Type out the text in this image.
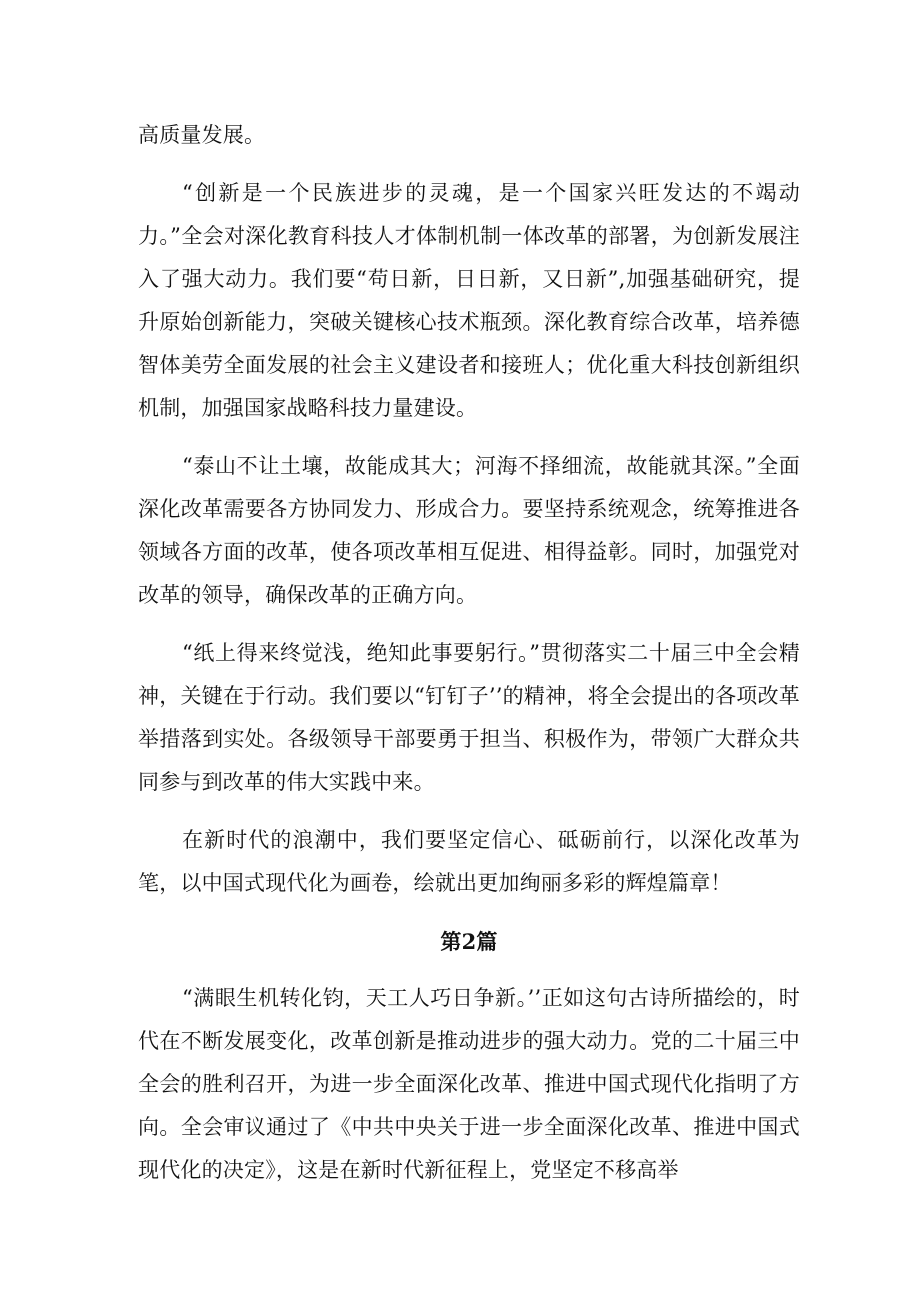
高质量发展。

“创新是一个民族进步的灵魂，是一个国家兴旺发达的不竭动力。”全会对深化教育科技人才体制机制一体改革的部署，为创新发展注入了强大动力。我们要“苟日新，日日新，又日新”,加强基础研究，提升原始创新能力，突破关键核心技术瓶颈。深化教育综合改革，培养德智体美劳全面发展的社会主义建设者和接班人；优化重大科技创新组织机制，加强国家战略科技力量建设。

“泰山不让土壤，故能成其大；河海不择细流，故能就其深。”全面深化改革需要各方协同发力、形成合力。要坚持系统观念，统筹推进各领域各方面的改革，使各项改革相互促进、相得益彰。同时，加强党对改革的领导，确保改革的正确方向。

“纸上得来终觉浅，绝知此事要躬行。”贯彻落实二十届三中全会精神，关键在于行动。我们要以“钉钉子’’的精神，将全会提出的各项改革举措落到实处。各级领导干部要勇于担当、积极作为，带领广大群众共同参与到改革的伟大实践中来。

在新时代的浪潮中，我们要坚定信心、砥砺前行，以深化改革为笔，以中国式现代化为画卷，绘就出更加绚丽多彩的辉煌篇章！

第2篇

“满眼生机转化钧，天工人巧日争新。’’正如这句古诗所描绘的，时代在不断发展变化，改革创新是推动进步的强大动力。党的二十届三中全会的胜利召开，为进一步全面深化改革、推进中国式现代化指明了方向。全会审议通过了《中共中央关于进一步全面深化改革、推进中国式现代化的决定》，这是在新时代新征程上，党坚定不移高举
